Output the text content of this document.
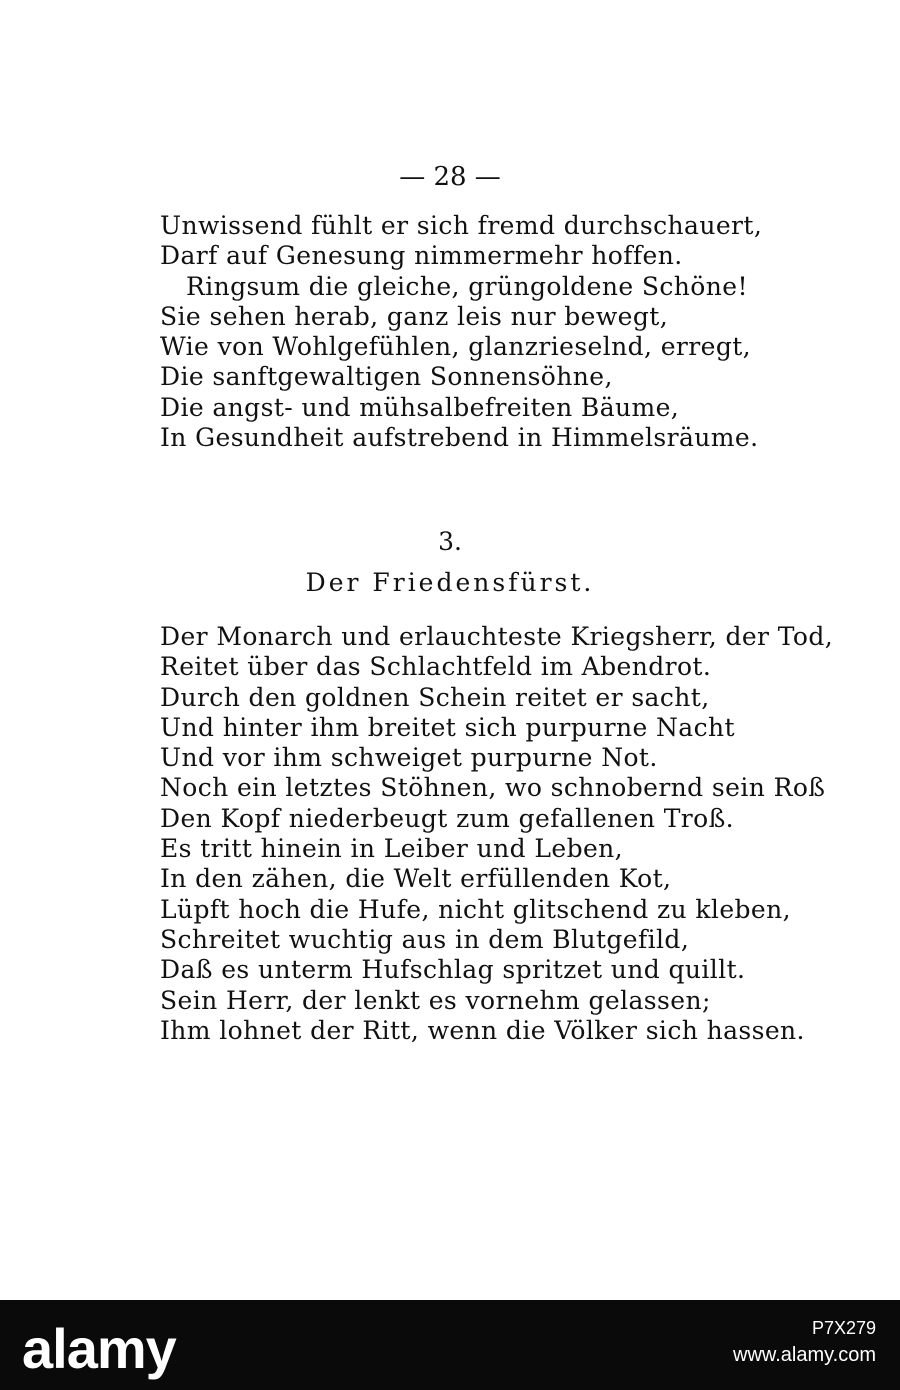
— 28 —
Unwissend fühlt er sich fremd durchschauert,
Darf auf Genesung nimmermehr hoffen.
Ringsum die gleiche, grüngoldene Schöne!
Sie sehen herab, ganz leis nur bewegt,
Wie von Wohlgefühlen, glanzrieselnd, erregt,
Die sanftgewaltigen Sonnensöhne,
Die angst- und mühsalbefreiten Bäume,
In Gesundheit aufstrebend in Himmelsräume.
3.
Der Friedensfürst.
Der Monarch und erlauchteste Kriegsherr, der Tod,
Reitet über das Schlachtfeld im Abendrot.
Durch den goldnen Schein reitet er sacht,
Und hinter ihm breitet sich purpurne Nacht
Und vor ihm schweiget purpurne Not.
Noch ein letztes Stöhnen, wo schnobernd sein Roß
Den Kopf niederbeugt zum gefallenen Troß.
Es tritt hinein in Leiber und Leben,
In den zähen, die Welt erfüllenden Kot,
Lüpft hoch die Hufe, nicht glitschend zu kleben,
Schreitet wuchtig aus in dem Blutgefild,
Daß es unterm Hufschlag spritzet und quillt.
Sein Herr, der lenkt es vornehm gelassen;
Ihm lohnet der Ritt, wenn die Völker sich hassen.
alamy	P7X279
www.alamy.com
